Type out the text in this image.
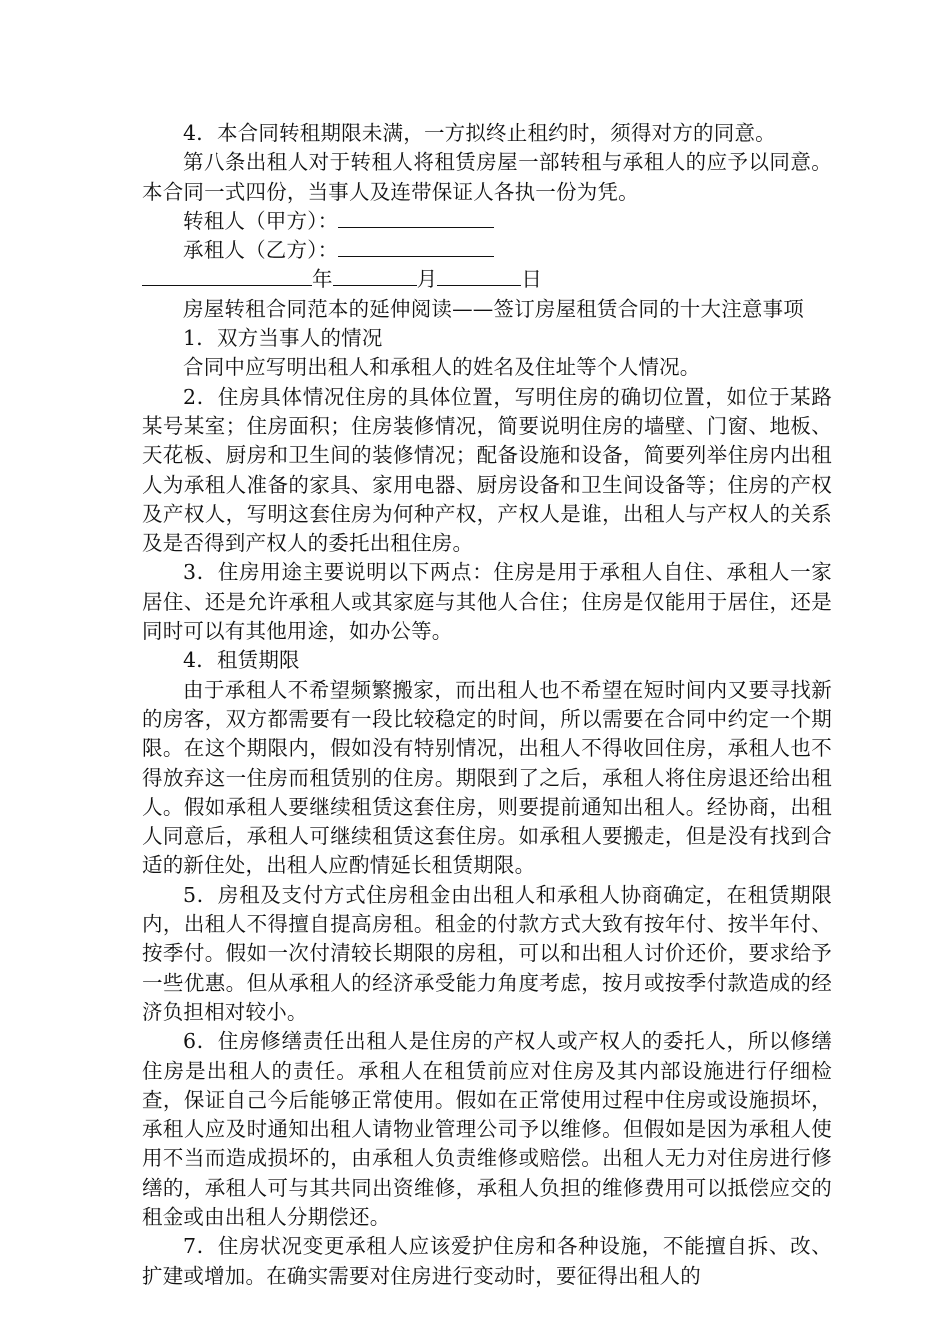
4．本合同转租期限未满，一方拟终止租约时，须得对方的同意。

第八条出租人对于转租人将租赁房屋一部转租与承租人的应予以同意。本合同一式四份，当事人及连带保证人各执一份为凭。

转租人（甲方）：

承租人（乙方）：

年	月	日

房屋转租合同范本的延伸阅读——签订房屋租赁合同的十大注意事项

1．双方当事人的情况

合同中应写明出租人和承租人的姓名及住址等个人情况。

2．住房具体情况住房的具体位置，写明住房的确切位置，如位于某路某号某室；住房面积；住房装修情况，简要说明住房的墙壁、门窗、地板、天花板、厨房和卫生间的装修情况；配备设施和设备，简要列举住房内出租人为承租人准备的家具、家用电器、厨房设备和卫生间设备等；住房的产权及产权人，写明这套住房为何种产权，产权人是谁，出租人与产权人的关系及是否得到产权人的委托出租住房。

3．住房用途主要说明以下两点：住房是用于承租人自住、承租人一家居住、还是允许承租人或其家庭与其他人合住；住房是仅能用于居住，还是同时可以有其他用途，如办公等。

4．租赁期限

由于承租人不希望频繁搬家，而出租人也不希望在短时间内又要寻找新的房客，双方都需要有一段比较稳定的时间，所以需要在合同中约定一个期限。在这个期限内，假如没有特别情况，出租人不得收回住房，承租人也不得放弃这一住房而租赁别的住房。期限到了之后，承租人将住房退还给出租人。假如承租人要继续租赁这套住房，则要提前通知出租人。经协商，出租人同意后，承租人可继续租赁这套住房。如承租人要搬走，但是没有找到合适的新住处，出租人应酌情延长租赁期限。

5．房租及支付方式住房租金由出租人和承租人协商确定，在租赁期限内，出租人不得擅自提高房租。租金的付款方式大致有按年付、按半年付、按季付。假如一次付清较长期限的房租，可以和出租人讨价还价，要求给予一些优惠。但从承租人的经济承受能力角度考虑，按月或按季付款造成的经济负担相对较小。

6．住房修缮责任出租人是住房的产权人或产权人的委托人，所以修缮住房是出租人的责任。承租人在租赁前应对住房及其内部设施进行仔细检查，保证自己今后能够正常使用。假如在正常使用过程中住房或设施损坏，承租人应及时通知出租人请物业管理公司予以维修。但假如是因为承租人使用不当而造成损坏的，由承租人负责维修或赔偿。出租人无力对住房进行修缮的，承租人可与其共同出资维修，承租人负担的维修费用可以抵偿应交的租金或由出租人分期偿还。

7．住房状况变更承租人应该爱护住房和各种设施，不能擅自拆、改、扩建或增加。在确实需要对住房进行变动时，要征得出租人的
